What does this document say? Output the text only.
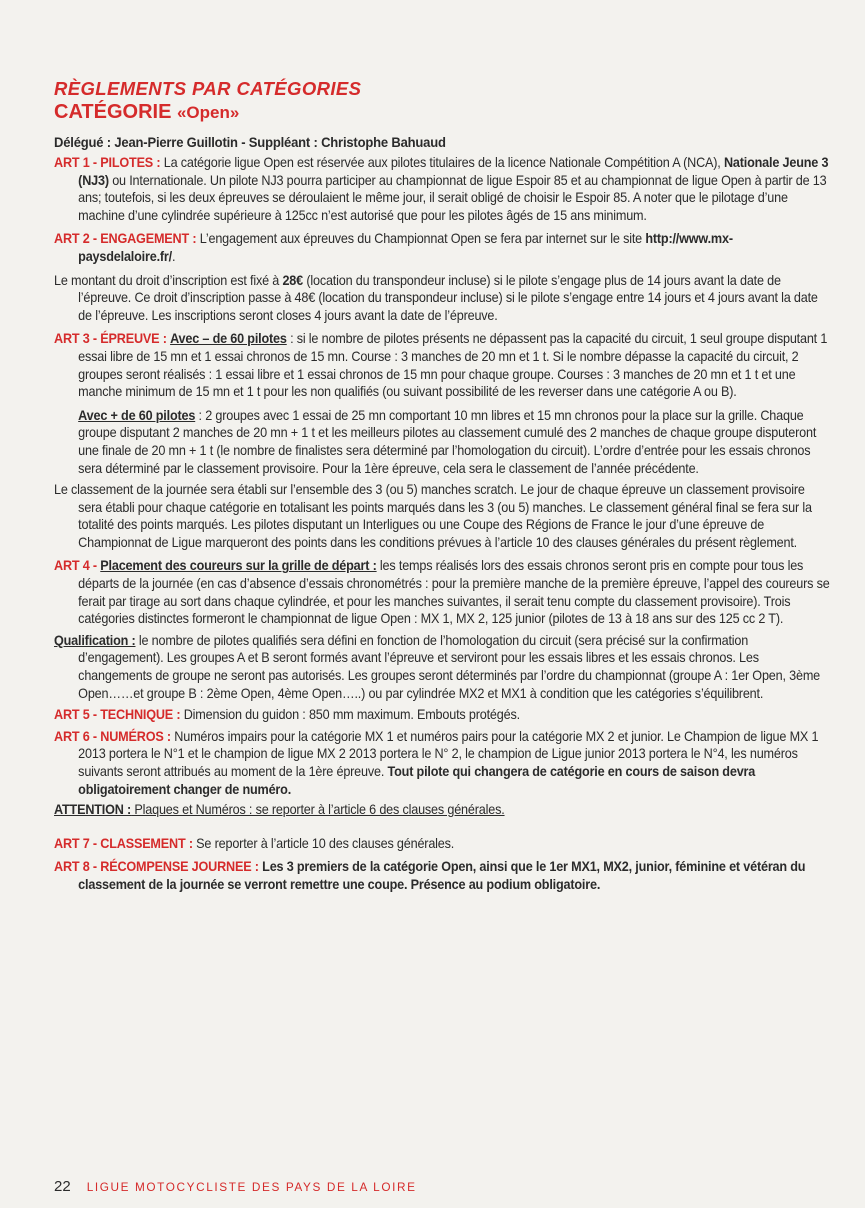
RÈGLEMENTS PAR CATÉGORIES
CATÉGORIE «Open»

Délégué : Jean-Pierre Guillotin - Suppléant : Christophe Bahuaud

ART 1 - PILOTES : La catégorie ligue Open est réservée aux pilotes titulaires de la licence Nationale Compétition A (NCA), Nationale Jeune 3 (NJ3) ou Internationale. Un pilote NJ3 pourra participer au championnat de ligue Espoir 85 et au championnat de ligue Open à partir de 13 ans; toutefois, si les deux épreuves se déroulaient le même jour, il serait obligé de choisir le Espoir 85. A noter que le pilotage d’une machine d’une cylindrée supérieure à 125cc n’est autorisé que pour les pilotes âgés de 15 ans minimum.

ART 2 - ENGAGEMENT : L’engagement aux épreuves du Championnat Open se fera par internet sur le site http://www.mx-paysdelaloire.fr/.

Le montant du droit d’inscription est fixé à 28€ (location du transpondeur incluse) si le pilote s’engage plus de 14 jours avant la date de l’épreuve. Ce droit d’inscription passe à 48€ (location du transpondeur incluse) si le pilote s’engage entre 14 jours et 4 jours avant la date de l’épreuve. Les inscriptions seront closes 4 jours avant la date de l’épreuve.

ART 3 - ÉPREUVE : Avec – de 60 pilotes : si le nombre de pilotes présents ne dépassent pas la capacité du circuit, 1 seul groupe disputant 1 essai libre de 15 mn et 1 essai chronos de 15 mn. Course : 3 manches de 20 mn et 1 t. Si le nombre dépasse la capacité du circuit, 2 groupes seront réalisés : 1 essai libre et 1 essai chronos de 15 mn pour chaque groupe. Courses : 3 manches de 20 mn et 1 t et une manche minimum de 15 mn et 1 t pour les non qualifiés (ou suivant possibilité de les reverser dans une catégorie A ou B).

Avec + de 60 pilotes : 2 groupes avec 1 essai de 25 mn comportant 10 mn libres et 15 mn chronos pour la place sur la grille. Chaque groupe disputant 2 manches de 20 mn + 1 t et les meilleurs pilotes au classement cumulé des 2 manches de chaque groupe disputeront une finale de 20 mn + 1 t (le nombre de finalistes sera déterminé par l’homologation du circuit). L’ordre d’entrée pour les essais chronos sera déterminé par le classement provisoire. Pour la 1ère épreuve, cela sera le classement de l’année précédente.

Le classement de la journée sera établi sur l’ensemble des 3 (ou 5) manches scratch. Le jour de chaque épreuve un classement provisoire sera établi pour chaque catégorie en totalisant les points marqués dans les 3 (ou 5) manches. Le classement général final se fera sur la totalité des points marqués. Les pilotes disputant un Interligues ou une Coupe des Régions de France le jour d’une épreuve de Championnat de Ligue marqueront des points dans les conditions prévues à l’article 10 des clauses générales du présent règlement.

ART 4 - Placement des coureurs sur la grille de départ : les temps réalisés lors des essais chronos seront pris en compte pour tous les départs de la journée (en cas d’absence d’essais chronométrés : pour la première manche de la première épreuve, l’appel des coureurs se ferait par tirage au sort dans chaque cylindrée, et pour les manches suivantes, il serait tenu compte du classement provisoire). Trois catégories distinctes formeront le championnat de ligue Open : MX 1, MX 2, 125 junior (pilotes de 13 à 18 ans sur des 125 cc 2 T).

Qualification : le nombre de pilotes qualifiés sera défini en fonction de l’homologation du circuit (sera précisé sur la confirmation d’engagement). Les groupes A et B seront formés avant l’épreuve et serviront pour les essais libres et les essais chronos. Les changements de groupe ne seront pas autorisés. Les groupes seront déterminés par l’ordre du championnat (groupe A : 1er Open, 3ème Open……et groupe B : 2ème Open, 4ème Open…..) ou par cylindrée MX2 et MX1 à condition que les catégories s’équilibrent.

ART 5 - TECHNIQUE : Dimension du guidon : 850 mm maximum. Embouts protégés.

ART 6 - NUMÉROS : Numéros impairs pour la catégorie MX 1 et numéros pairs pour la catégorie MX 2 et junior. Le Champion de ligue MX 1 2013 portera le N°1 et le champion de ligue MX 2 2013 portera le N° 2, le champion de Ligue junior 2013 portera le N°4, les numéros suivants seront attribués au moment de la 1ère épreuve. Tout pilote qui changera de catégorie en cours de saison devra obligatoirement changer de numéro.

ATTENTION : Plaques et Numéros : se reporter à l’article 6 des clauses générales.

ART 7 - CLASSEMENT : Se reporter à l’article 10 des clauses générales.

ART 8 - RÉCOMPENSE JOURNEE : Les 3 premiers de la catégorie Open, ainsi que le 1er MX1, MX2, junior, féminine et vétéran du classement de la journée se verront remettre une coupe. Présence au podium obligatoire.

22 LIGUE MOTOCYCLISTE DES PAYS DE LA LOIRE
